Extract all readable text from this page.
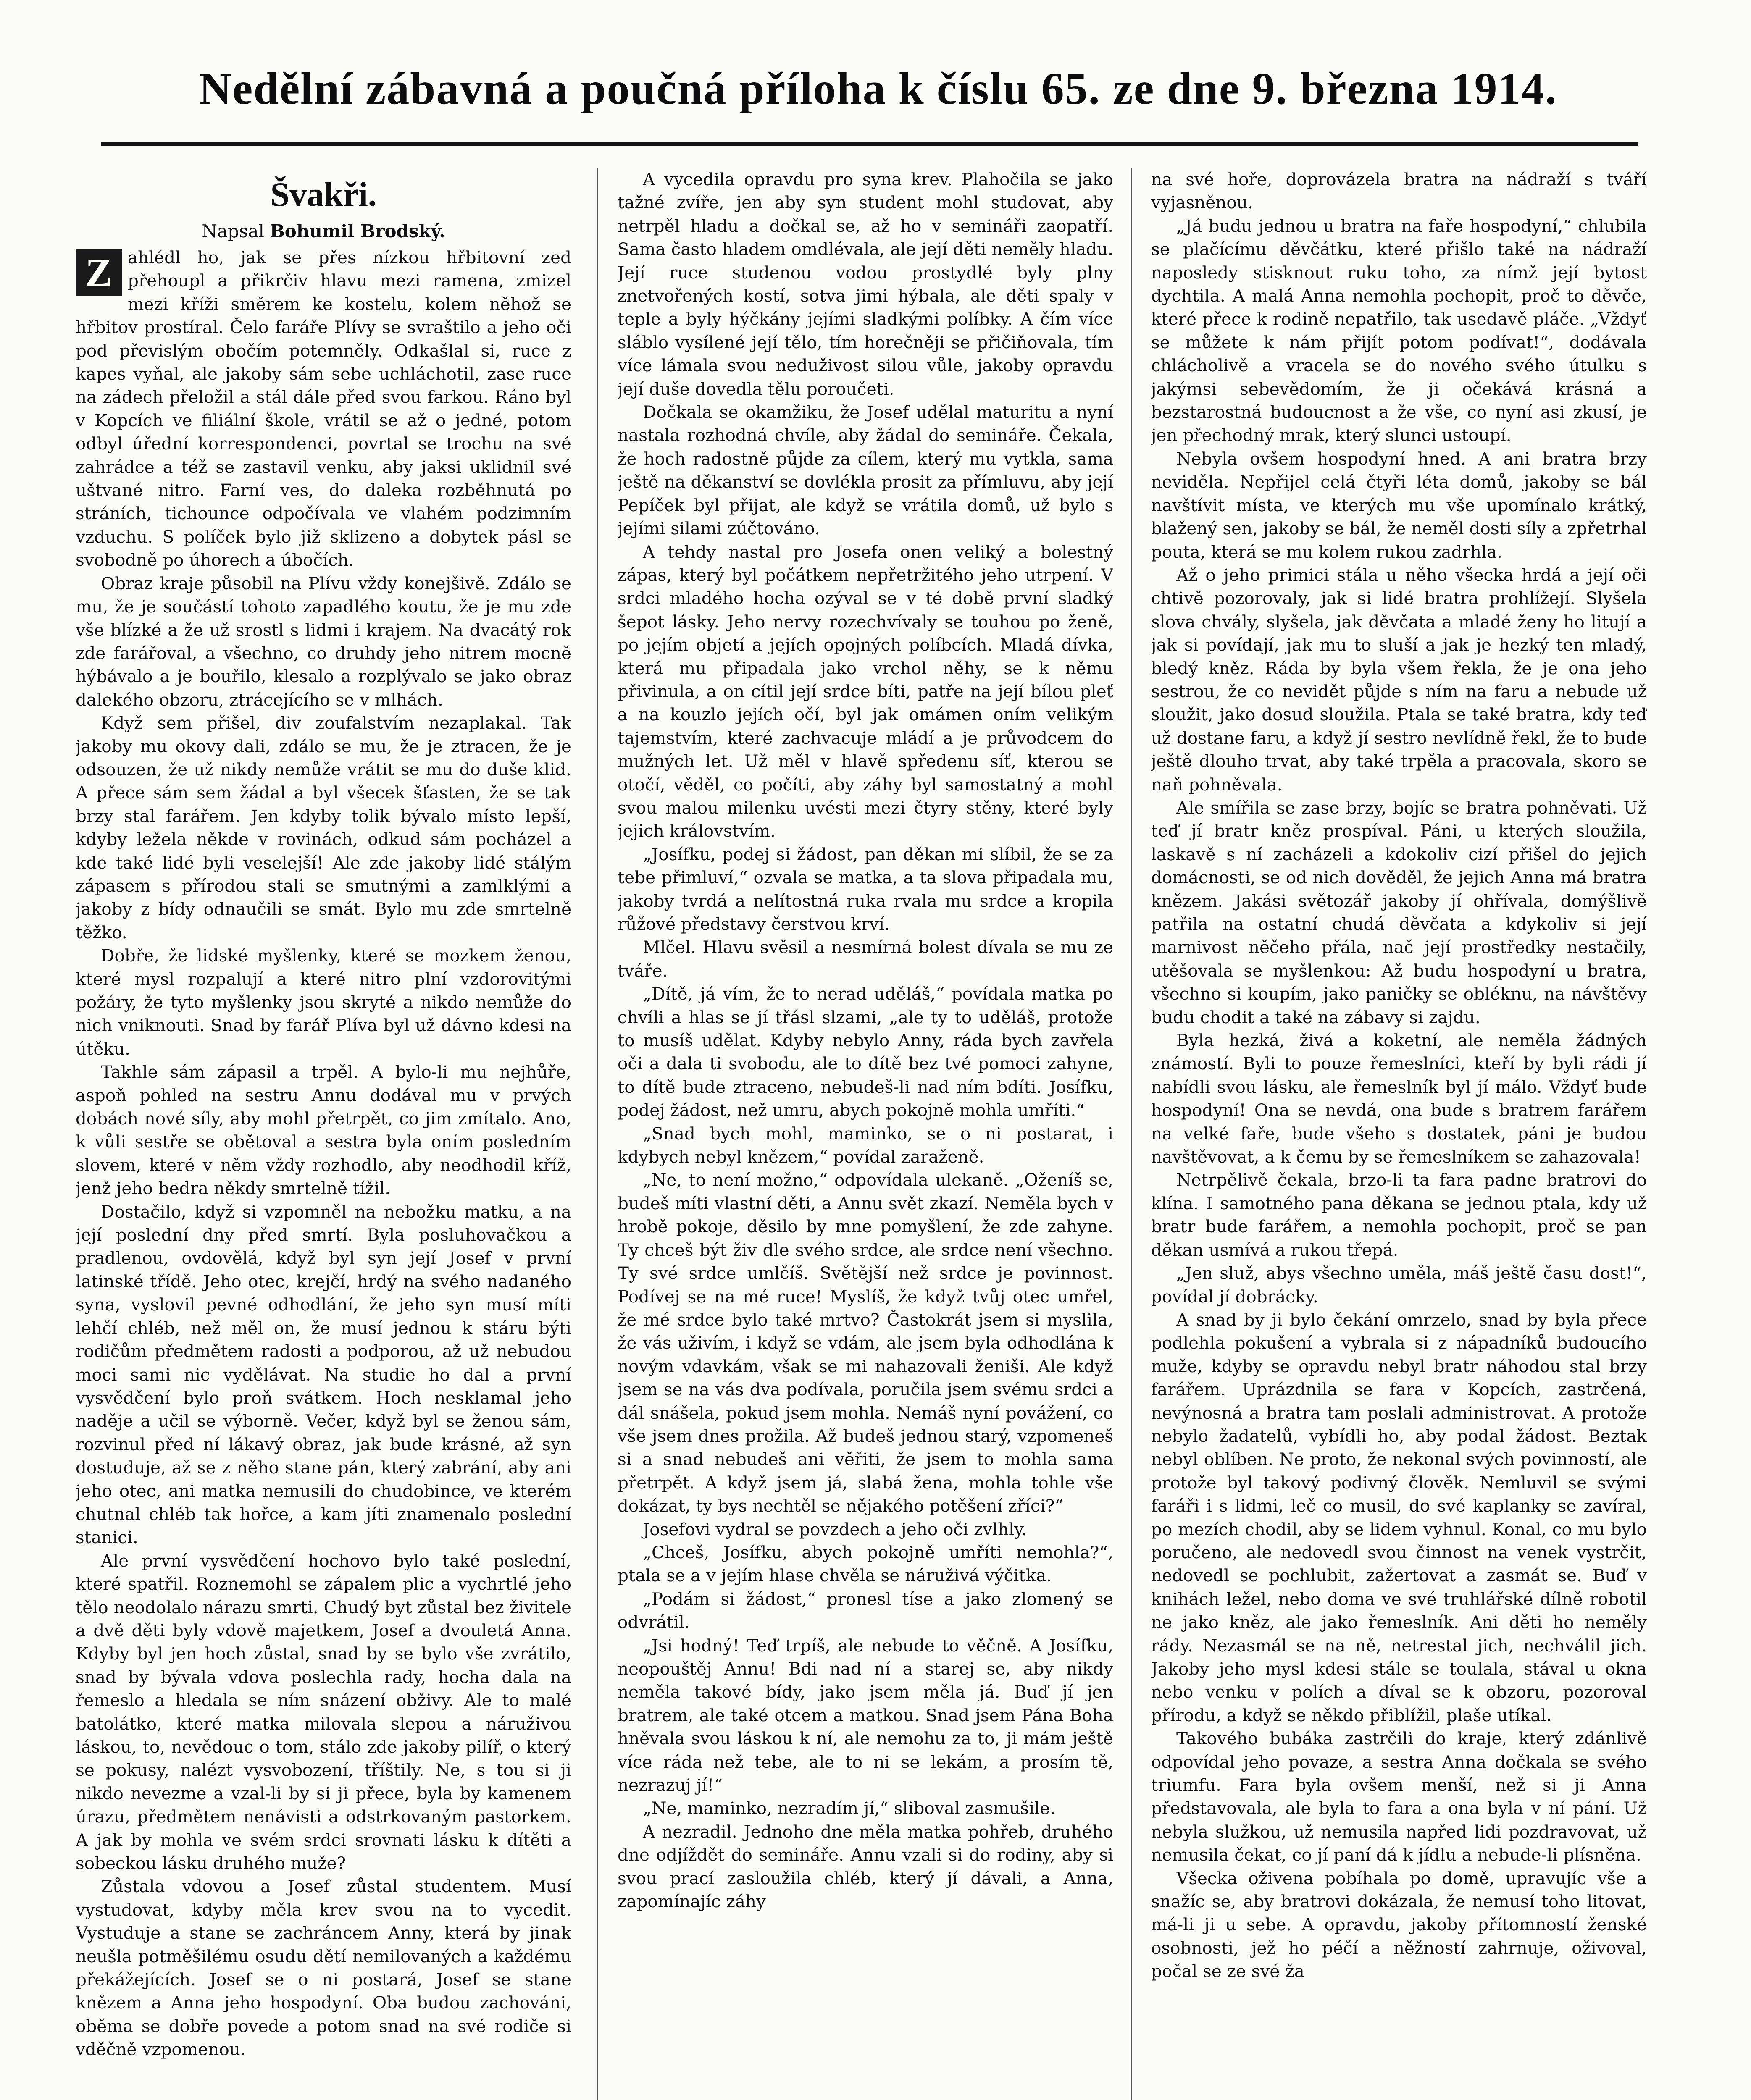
Nedělní zábavná a poučná příloha k číslu 65. ze dne 9. března 1914.
Švakři.
Napsal Bohumil Brodský.
Z ahlédl ho, jak se přes nízkou hřbitovní zeď přehoupl a přikrčiv hlavu mezi ramena, zmizel mezi kříži směrem ke kostelu, kolem něhož se hřbitov prostíral. Čelo faráře Plívy se svraštilo a jeho oči pod převislým obočím potemněly. Odkašlal si, ruce z kapes vyňal, ale jakoby sám sebe uchláchotil, zase ruce na zádech přeložil a stál dále před svou farkou. Ráno byl v Kopcích ve filiální škole, vrátil se až o jedné, potom odbyl úřední korrespondenci, povrtal se trochu na své zahrádce a též se zastavil venku, aby jaksi uklidnil své uštvané nitro. Farní ves, do daleka rozběhnutá po stráních, tichounce odpočívala ve vlahém podzimním vzduchu. S políček bylo již sklizeno a dobytek pásl se svobodně po úhorech a úbočích.

Obraz kraje působil na Plívu vždy konejšivě. Zdálo se mu, že je součástí tohoto zapadlého koutu, že je mu zde vše blízké a že už srostl s lidmi i krajem. Na dvacátý rok zde farářoval, a všechno, co druhdy jeho nitrem mocně hýbávalo a je bouřilo, klesalo a rozplývalo se jako obraz dalekého obzoru, ztrácejícího se v mlhách.

Když sem přišel, div zoufalstvím nezaplakal. Tak jakoby mu okovy dali, zdálo se mu, že je ztracen, že je odsouzen, že už nikdy nemůže vrátit se mu do duše klid. A přece sám sem žádal a byl všecek šťasten, že se tak brzy stal farářem. Jen kdyby tolik bývalo místo lepší, kdyby ležela někde v rovinách, odkud sám pocházel a kde také lidé byli veselejší! Ale zde jakoby lidé stálým zápasem s přírodou stali se smutnými a zamlklými a jakoby z bídy odnaučili se smát. Bylo mu zde smrtelně těžko.

Dobře, že lidské myšlenky, které se mozkem ženou, které mysl rozpalují a které nitro plní vzdorovitými požáry, že tyto myšlenky jsou skryté a nikdo nemůže do nich vniknouti. Snad by farář Plíva byl už dávno kdesi na útěku.

Takhle sám zápasil a trpěl. A bylo-li mu nejhůře, aspoň pohled na sestru Annu dodával mu v prvých dobách nové síly, aby mohl přetrpět, co jim zmítalo. Ano, k vůli sestře se obětoval a sestra byla oním posledním slovem, které v něm vždy rozhodlo, aby neodhodil kříž, jenž jeho bedra někdy smrtelně tížil.

Dostačilo, když si vzpomněl na nebožku matku, a na její poslední dny před smrtí. Byla posluhovačkou a pradlenou, ovdovělá, když byl syn její Josef v první latinské třídě. Jeho otec, krejčí, hrdý na svého nadaného syna, vyslovil pevné odhodlání, že jeho syn musí míti lehčí chléb, než měl on, že musí jednou k stáru býti rodičům předmětem radosti a podporou, až už nebudou moci sami nic vydělávat. Na studie ho dal a první vysvědčení bylo proň svátkem. Hoch nesklamal jeho naděje a učil se výborně. Večer, když byl se ženou sám, rozvinul před ní lákavý obraz, jak bude krásné, až syn dostuduje, až se z něho stane pán, který zabrání, aby ani jeho otec, ani matka nemusili do chudobince, ve kterém chutnal chléb tak hořce, a kam jíti znamenalo poslední stanici.

Ale první vysvědčení hochovo bylo také poslední, které spatřil. Roznemohl se zápalem plic a vychrtlé jeho tělo neodolalo nárazu smrti. Chudý byt zůstal bez živitele a dvě děti byly vdově majetkem, Josef a dvouletá Anna. Kdyby byl jen hoch zůstal, snad by se bylo vše zvrátilo, snad by bývala vdova poslechla rady, hocha dala na řemeslo a hledala se ním snázení obživy. Ale to malé batolátko, které matka milovala slepou a náruživou láskou, to, nevědouc o tom, stálo zde jakoby pilíř, o který se pokusy, nalézt vysvobození, tříštily. Ne, s tou si ji nikdo nevezme a vzal-li by si ji přece, byla by kamenem úrazu, předmětem nenávisti a odstrkovaným pastorkem. A jak by mohla ve svém srdci srovnati lásku k dítěti a sobeckou lásku druhého muže?

Zůstala vdovou a Josef zůstal studentem. Musí vystudovat, kdyby měla krev svou na to vycedit. Vystuduje a stane se zachráncem Anny, která by jinak neušla potměšilému osudu dětí nemilovaných a každému překážejících. Josef se o ni postará, Josef se stane knězem a Anna jeho hospodyní. Oba budou zachováni, oběma se dobře povede a potom snad na své rodiče si vděčně vzpomenou.

A vycedila opravdu pro syna krev. Plahočila se jako tažné zvíře, jen aby syn student mohl studovat, aby netrpěl hladu a dočkal se, až ho v semináři zaopatří. Sama často hladem omdlévala, ale její děti neměly hladu. Její ruce studenou vodou prostydlé byly plny znetvořených kostí, sotva jimi hýbala, ale děti spaly v teple a byly hýčkány jejími sladkými políbky. A čím více sláblo vysílené její tělo, tím horečněji se přičiňovala, tím více lámala svou neduživost silou vůle, jakoby opravdu její duše dovedla tělu poroučeti.

Dočkala se okamžiku, že Josef udělal maturitu a nyní nastala rozhodná chvíle, aby žádal do semináře. Čekala, že hoch radostně půjde za cílem, který mu vytkla, sama ještě na děkanství se dovlékla prosit za přímluvu, aby její Pepíček byl přijat, ale když se vrátila domů, už bylo s jejími silami zúčtováno.

A tehdy nastal pro Josefa onen veliký a bolestný zápas, který byl počátkem nepřetržitého jeho utrpení. V srdci mladého hocha ozýval se v té době první sladký šepot lásky. Jeho nervy rozechvívaly se touhou po ženě, po jejím objetí a jejích opojných políbcích. Mladá dívka, která mu připadala jako vrchol něhy, se k němu přivinula, a on cítil její srdce bíti, patře na její bílou pleť a na kouzlo jejích očí, byl jak omámen oním velikým tajemstvím, které zachvacuje mládí a je průvodcem do mužných let. Už měl v hlavě spředenu síť, kterou se otočí, věděl, co počíti, aby záhy byl samostatný a mohl svou malou milenku uvésti mezi čtyry stěny, které byly jejich královstvím.

„Josífku, podej si žádost, pan děkan mi slíbil, že se za tebe přimluví,“ ozvala se matka, a ta slova připadala mu, jakoby tvrdá a nelítostná ruka rvala mu srdce a kropila růžové představy čerstvou krví.

Mlčel. Hlavu svěsil a nesmírná bolest dívala se mu ze tváře.

„Dítě, já vím, že to nerad uděláš,“ povídala matka po chvíli a hlas se jí třásl slzami, „ale ty to uděláš, protože to musíš udělat. Kdyby nebylo Anny, ráda bych zavřela oči a dala ti svobodu, ale to dítě bez tvé pomoci zahyne, to dítě bude ztraceno, nebudeš-li nad ním bdíti. Josífku, podej žádost, než umru, abych pokojně mohla umříti.“

„Snad bych mohl, maminko, se o ni postarat, i kdybych nebyl knězem,“ povídal zaraženě.

„Ne, to není možno,“ odpovídala ulekaně. „Oženíš se, budeš míti vlastní děti, a Annu svět zkazí. Neměla bych v hrobě pokoje, děsilo by mne pomyšlení, že zde zahyne. Ty chceš být živ dle svého srdce, ale srdce není všechno. Ty své srdce umlčíš. Světější než srdce je povinnost. Podívej se na mé ruce! Myslíš, že když tvůj otec umřel, že mé srdce bylo také mrtvo? Častokrát jsem si myslila, že vás uživím, i když se vdám, ale jsem byla odhodlána k novým vdavkám, však se mi nahazovali ženiši. Ale když jsem se na vás dva podívala, poručila jsem svému srdci a dál snášela, pokud jsem mohla. Nemáš nyní povážení, co vše jsem dnes prožila. Až budeš jednou starý, vzpomeneš si a snad nebudeš ani věřiti, že jsem to mohla sama přetrpět. A když jsem já, slabá žena, mohla tohle vše dokázat, ty bys nechtěl se nějakého potěšení zříci?“

Josefovi vydral se povzdech a jeho oči zvlhly.

„Chceš, Josífku, abych pokojně umříti nemohla?“, ptala se a v jejím hlase chvěla se náruživá výčitka.

„Podám si žádost,“ pronesl tíse a jako zlomený se odvrátil.

„Jsi hodný! Teď trpíš, ale nebude to věčně. A Josífku, neopouštěj Annu! Bdi nad ní a starej se, aby nikdy neměla takové bídy, jako jsem měla já. Buď jí jen bratrem, ale také otcem a matkou. Snad jsem Pána Boha hněvala svou láskou k ní, ale nemohu za to, ji mám ještě více ráda než tebe, ale to ni se lekám, a prosím tě, nezrazuj jí!“

„Ne, maminko, nezradím jí,“ sliboval zasmušile.

A nezradil. Jednoho dne měla matka pohřeb, druhého dne odjíždět do semináře. Annu vzali si do rodiny, aby si svou prací zasloužila chléb, který jí dávali, a Anna, zapomínajíc záhy

na své hoře, doprovázela bratra na nádraží s tváří vyjasněnou.

„Já budu jednou u bratra na faře hospodyní,“ chlubila se plačícímu děvčátku, které přišlo také na nádraží naposledy stisknout ruku toho, za nímž její bytost dychtila. A malá Anna nemohla pochopit, proč to děvče, které přece k rodině nepatřilo, tak usedavě pláče. „Vždyť se můžete k nám přijít potom podívat!“, dodávala chlácholivě a vracela se do nového svého útulku s jakýmsi sebevědomím, že ji očekává krásná a bezstarostná budoucnost a že vše, co nyní asi zkusí, je jen přechodný mrak, který slunci ustoupí.

Nebyla ovšem hospodyní hned. A ani bratra brzy neviděla. Nepřijel celá čtyři léta domů, jakoby se bál navštívit místa, ve kterých mu vše upomínalo krátký, blažený sen, jakoby se bál, že neměl dosti síly a zpřetrhal pouta, která se mu kolem rukou zadrhla.

Až o jeho primici stála u něho všecka hrdá a její oči chtivě pozorovaly, jak si lidé bratra prohlížejí. Slyšela slova chvály, slyšela, jak děvčata a mladé ženy ho litují a jak si povídají, jak mu to sluší a jak je hezký ten mladý, bledý kněz. Ráda by byla všem řekla, že je ona jeho sestrou, že co nevidět půjde s ním na faru a nebude už sloužit, jako dosud sloužila. Ptala se také bratra, kdy teď už dostane faru, a když jí sestro nevlídně řekl, že to bude ještě dlouho trvat, aby také trpěla a pracovala, skoro se naň pohněvala.

Ale smířila se zase brzy, bojíc se bratra pohněvati. Už teď jí bratr kněz prospíval. Páni, u kterých sloužila, laskavě s ní zacházeli a kdokoliv cizí přišel do jejich domácnosti, se od nich dověděl, že jejich Anna má bratra knězem. Jakási světozář jakoby jí ohřívala, domýšlivě patřila na ostatní chudá děvčata a kdykoliv si její marnivost něčeho přála, nač její prostředky nestačily, utěšovala se myšlenkou: Až budu hospodyní u bratra, všechno si koupím, jako paničky se obléknu, na návštěvy budu chodit a také na zábavy si zajdu.

Byla hezká, živá a koketní, ale neměla žádných známostí. Byli to pouze řemeslníci, kteří by byli rádi jí nabídli svou lásku, ale řemeslník byl jí málo. Vždyť bude hospodyní! Ona se nevdá, ona bude s bratrem farářem na velké faře, bude všeho s dostatek, páni je budou navštěvovat, a k čemu by se řemeslníkem se zahazovala!

Netrpělivě čekala, brzo-li ta fara padne bratrovi do klína. I samotného pana děkana se jednou ptala, kdy už bratr bude farářem, a nemohla pochopit, proč se pan děkan usmívá a rukou třepá.

„Jen služ, abys všechno uměla, máš ještě času dost!“, povídal jí dobrácky.

A snad by ji bylo čekání omrzelo, snad by byla přece podlehla pokušení a vybrala si z nápadníků budoucího muže, kdyby se opravdu nebyl bratr náhodou stal brzy farářem. Uprázdnila se fara v Kopcích, zastrčená, nevýnosná a bratra tam poslali administrovat. A protože nebylo žadatelů, vybídli ho, aby podal žádost. Beztak nebyl oblíben. Ne proto, že nekonal svých povinností, ale protože byl takový podivný člověk. Nemluvil se svými faráři i s lidmi, leč co musil, do své kaplanky se zavíral, po mezích chodil, aby se lidem vyhnul. Konal, co mu bylo poručeno, ale nedovedl svou činnost na venek vystrčit, nedovedl se pochlubit, zažertovat a zasmát se. Buď v knihách ležel, nebo doma ve své truhlářské dílně robotil ne jako kněz, ale jako řemeslník. Ani děti ho neměly rády. Nezasmál se na ně, netrestal jich, nechválil jich. Jakoby jeho mysl kdesi stále se toulala, stával u okna nebo venku v polích a díval se k obzoru, pozoroval přírodu, a když se někdo přiblížil, plaše utíkal.

Takového bubáka zastrčili do kraje, který zdánlivě odpovídal jeho povaze, a sestra Anna dočkala se svého triumfu. Fara byla ovšem menší, než si ji Anna představovala, ale byla to fara a ona byla v ní pání. Už nebyla služkou, už nemusila napřed lidi pozdravovat, už nemusila čekat, co jí paní dá k jídlu a nebude-li plísněna.

Všecka oživena pobíhala po domě, upravujíc vše a snažíc se, aby bratrovi dokázala, že nemusí toho litovat, má-li ji u sebe. A opravdu, jakoby přítomností ženské osobnosti, jež ho péčí a něžností zahrnuje, oživoval, počal se ze své ža
